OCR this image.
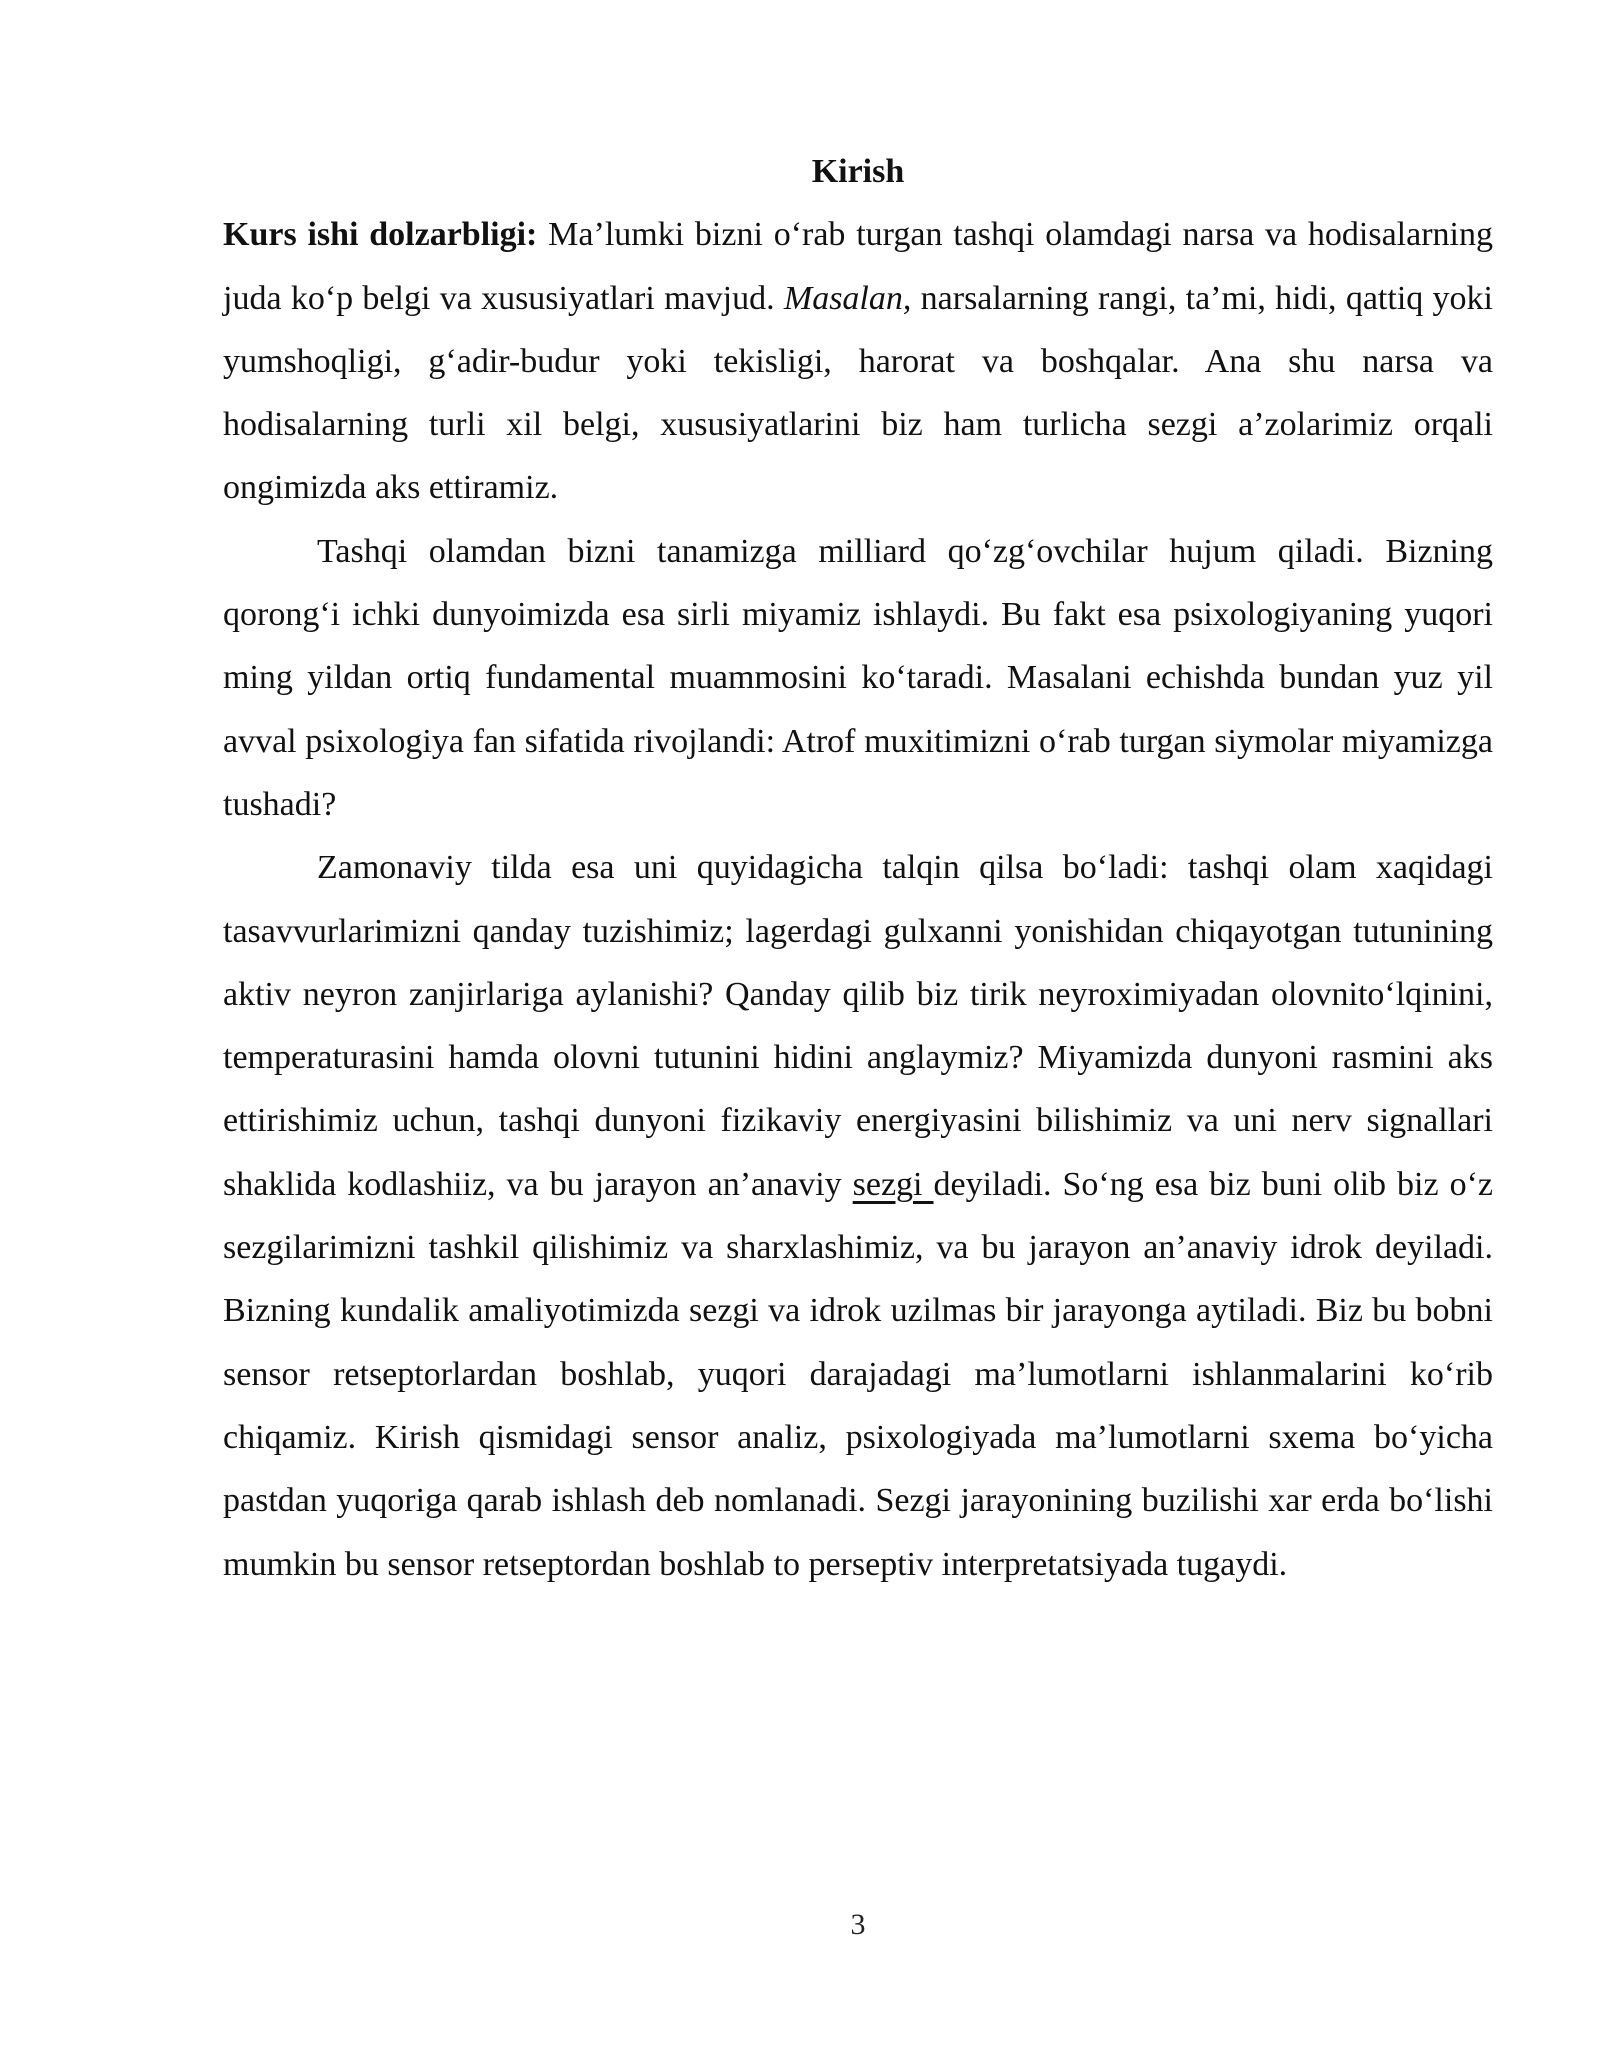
Kirish

Kurs ishi dolzarbligi: Ma’lumki bizni o‘rab turgan tashqi olamdagi narsa va hodisalarning juda ko‘p belgi va xususiyatlari mavjud. Masalan, narsalarning rangi, ta’mi, hidi, qattiq yoki yumshoqligi, g‘adir-budur yoki tekisligi, harorat va boshqalar. Ana shu narsa va hodisalarning turli xil belgi, xususiyatlarini biz ham turlicha sezgi a’zolarimiz orqali ongimizda aks ettiramiz.

Tashqi olamdan bizni tanamizga milliard qo‘zg‘ovchilar hujum qiladi. Bizning qorong‘i ichki dunyoimizda esa sirli miyamiz ishlaydi. Bu fakt esa psixologiyaning yuqori ming yildan ortiq fundamental muammosini ko‘taradi. Masalani echishda bundan yuz yil avval psixologiya fan sifatida rivojlandi: Atrof muxitimizni o‘rab turgan siymolar miyamizga tushadi?

Zamonaviy tilda esa uni quyidagicha talqin qilsa bo‘ladi: tashqi olam xaqidagi tasavvurlarimizni qanday tuzishimiz; lagerdagi gulxanni yonishidan chiqayotgan tutunining aktiv neyron zanjirlariga aylanishi? Qanday qilib biz tirik neyroximiyadan olovnito‘lqinini, temperaturasini hamda olovni tutunini hidini anglaymiz? Miyamizda dunyoni rasmini aks ettirishimiz uchun, tashqi dunyoni fizikaviy energiyasini bilishimiz va uni nerv signallari shaklida kodlashiiz, va bu jarayon an’anaviy sezgi deyiladi. So‘ng esa biz buni olib biz o‘z sezgilarimizni tashkil qilishimiz va sharxlashimiz, va bu jarayon an’anaviy idrok deyiladi. Bizning kundalik amaliyotimizda sezgi va idrok uzilmas bir jarayonga aytiladi. Biz bu bobni sensor retseptorlardan boshlab, yuqori darajadagi ma’lumotlarni ishlanmalarini ko‘rib chiqamiz. Kirish qismidagi sensor analiz, psixologiyada ma’lumotlarni sxema bo‘yicha pastdan yuqoriga qarab ishlash deb nomlanadi. Sezgi jarayonining buzilishi xar erda bo‘lishi mumkin bu sensor retseptordan boshlab to perseptiv interpretatsiyada tugaydi.

3
